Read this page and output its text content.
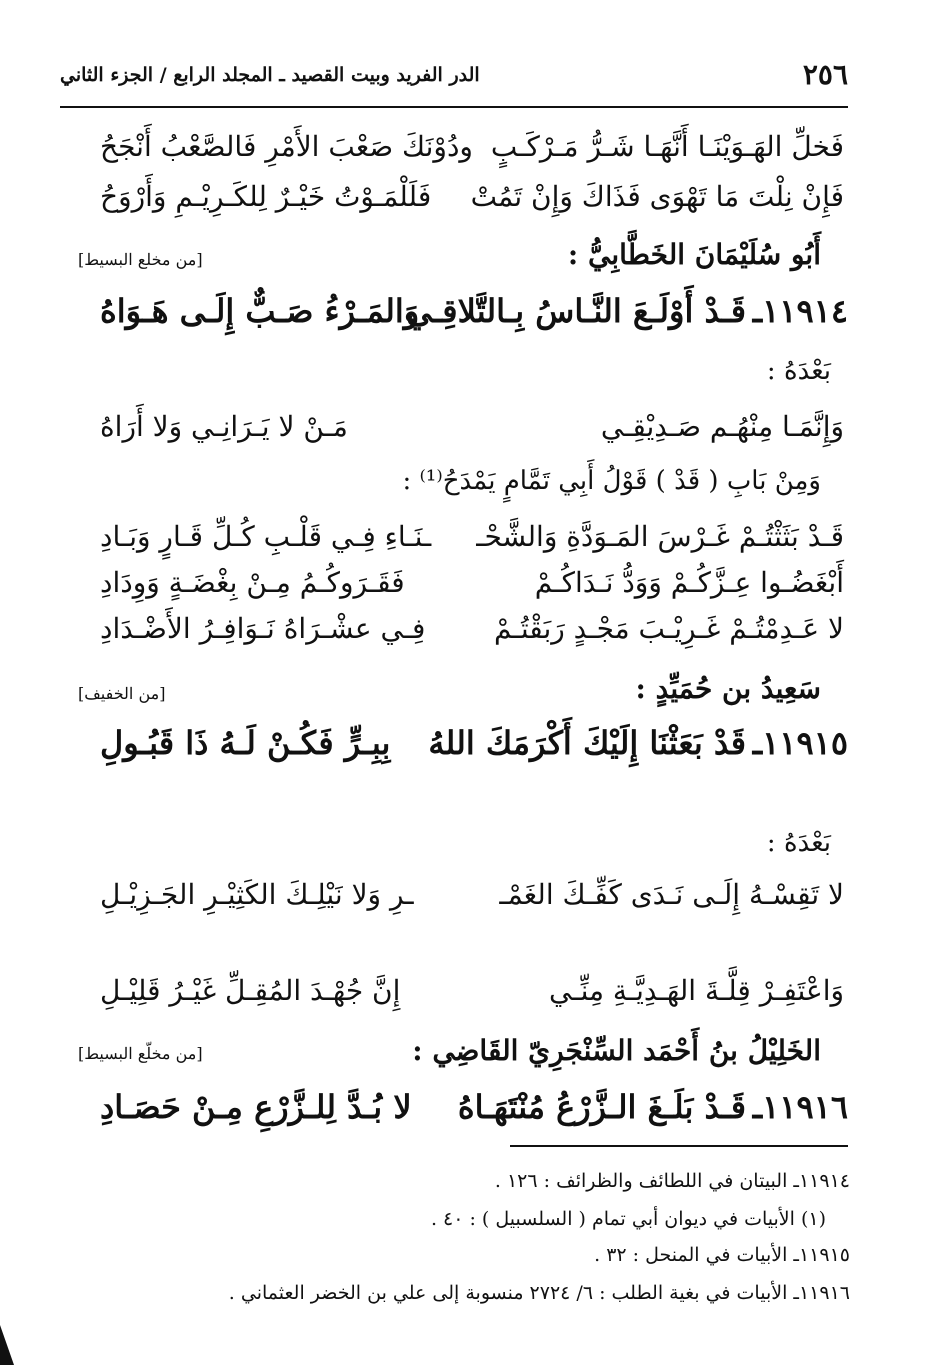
٢٥٦
الدر الفريد وبيت القصيد ـ المجلد الرابع / الجزء الثاني
فَخلِّ الهَـوَيْنَـا أَنَّهَـا شَـرُّ مَـرْكَـبٍ
ودُوْنَكَ صَعْبَ الأَمْرِ فَالصَّعْبُ أَنْجَحُ
فَإِنْ نِلْتَ مَا تَهْوَى فَذَاكَ وَإِنْ تَمُتْ
فَلَلْمَـوْتُ خَيْـرٌ لِلكَـرِيْـمِ وَأَرْوَحُ
أَبُو سُلَيْمَانَ الخَطَّابِيُّ :
[من مخلع البسيط]
١١٩١٤ـ
قَـدْ أَوْلَـعَ النَّـاسُ بِـالتَّلاقِـي
وَالمَـرْءُ صَـبٌّ إِلَـى هَـوَاهُ
بَعْدَهُ :
وَإِنَّمَـا مِنْهُـم صَـدِيْقِـي
مَـنْ لا يَـرَانِـي وَلا أَرَاهُ
وَمِنْ بَابِ ( قَدْ ) قَوْلُ أَبِي تَمَّامٍ يَمْدَحُ⁽¹⁾ :
قَـدْ بَثَثْتُـمْ غَـرْسَ المَـوَدَّةِ وَالشَّحْـ
ـنَـاءِ فِـي قَلْـبِ كُـلِّ قَـارٍ وَبَـادِ
أَبْغَضُـوا عِـزَّكُـمْ وَوَدُّ نَـدَاكُـمْ
فَقَـرَوكُـمُ مِـنْ بِغْضَـةٍ وَوِدَادِ
لا عَـدِمْتُـمْ غَـرِيْـبَ مَجْـدٍ رَبَقْتُـمْ
فِـي عشْـرَاهُ نَـوَافِـرُ الأَضْـدَادِ
سَعِيدُ بن حُمَيِّدٍ :
[من الخفيف]
١١٩١٥ـ
قَدْ بَعَثْنَا إِلَيْكَ أَكْرَمَكَ اللهُ
بِبِـرٍّ فَكُـنْ لَـهُ ذَا قَبُـولِ
بَعْدَهُ :
لا تَقِسْـهُ إِلَـى نَـدَى كَفِّـكَ الغَمْـ
ـرِ وَلا نَيْلِـكَ الكَثِيْـرِ الجَـزِيْـلِ
وَاعْتَفِـرْ قِلَّـةَ الهَـدِيَّـةِ مِنِّـي
إِنَّ جُهْـدَ المُقِـلِّ غَيْـرُ قَلِيْـلِ
الخَلِيْلُ بنُ أَحْمَد السِّنْجَرِيّ القَاضِي :
[من مخلّع البسيط]
١١٩١٦ـ
قَـدْ بَلَـغَ الـزَّرْعُ مُنْتَهَـاهُ
لا بُـدَّ لِلـزَّرْعِ مِـنْ حَصَـادِ
١١٩١٤ـ البيتان في اللطائف والظرائف : ١٢٦ .
(١) الأبيات في ديوان أبي تمام ( السلسبيل ) : ٤٠ .
١١٩١٥ـ الأبيات في المنحل : ٣٢ .
١١٩١٦ـ الأبيات في بغية الطلب : ٦/ ٢٧٢٤ منسوبة إلى علي بن الخضر العثماني .
